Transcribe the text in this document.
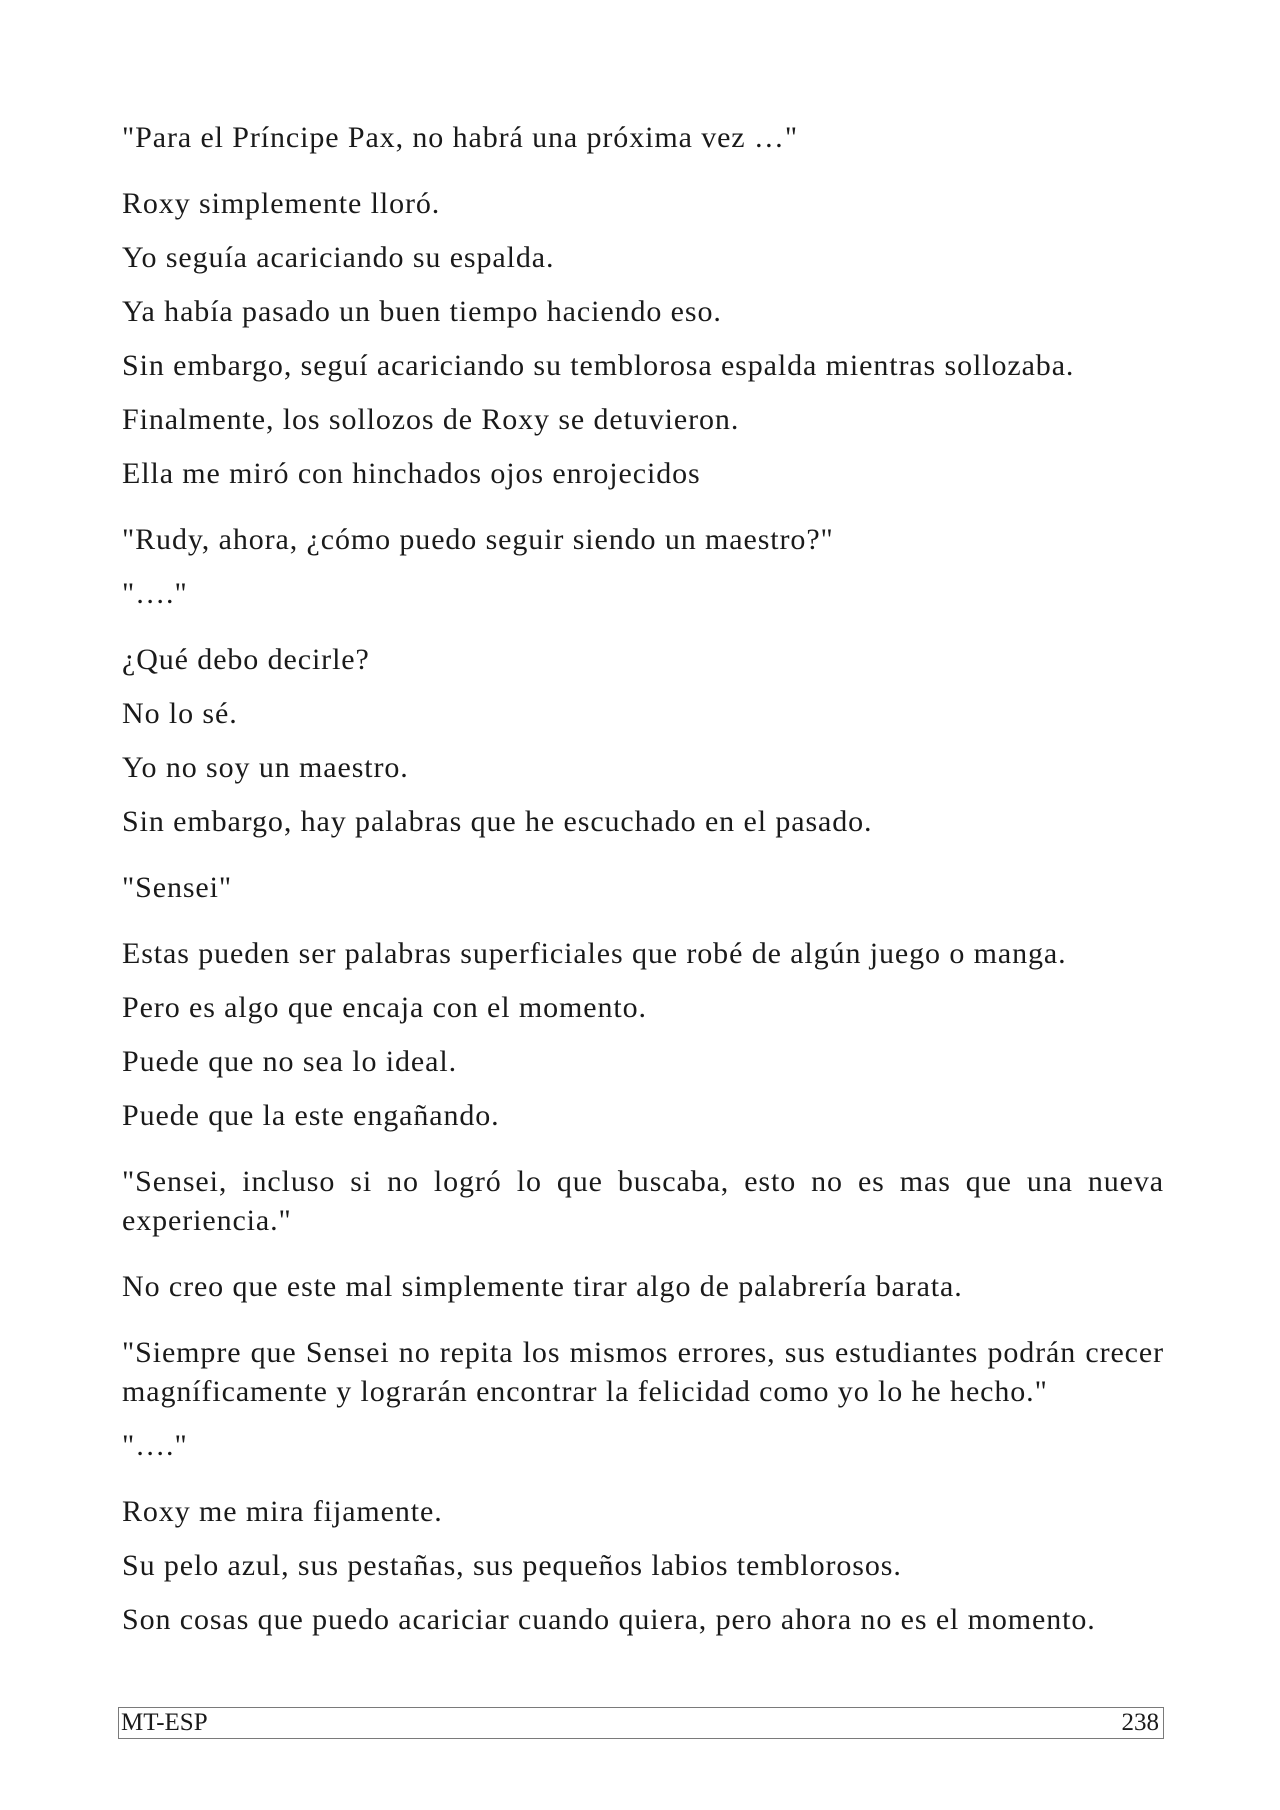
"Para el Príncipe Pax, no habrá una próxima vez …"

Roxy simplemente lloró.

Yo seguía acariciando su espalda.

Ya había pasado un buen tiempo haciendo eso.

Sin embargo, seguí acariciando su temblorosa espalda mientras sollozaba.

Finalmente, los sollozos de Roxy se detuvieron.

Ella me miró con hinchados ojos enrojecidos

"Rudy, ahora, ¿cómo puedo seguir siendo un maestro?"

"…."

¿Qué debo decirle?

No lo sé.

Yo no soy un maestro.

Sin embargo, hay palabras que he escuchado en el pasado.

"Sensei"

Estas pueden ser palabras superficiales que robé de algún juego o manga.

Pero es algo que encaja con el momento.

Puede que no sea lo ideal.

Puede que la este engañando.

"Sensei, incluso si no logró lo que buscaba, esto no es mas que una nueva experiencia."

No creo que este mal simplemente tirar algo de palabrería barata.

"Siempre que Sensei no repita los mismos errores, sus estudiantes podrán crecer magníficamente y lograrán encontrar la felicidad como yo lo he hecho."

"…."

Roxy me mira fijamente.

Su pelo azul, sus pestañas, sus pequeños labios temblorosos.

Son cosas que puedo acariciar cuando quiera, pero ahora no es el momento.

MT-ESP	238
